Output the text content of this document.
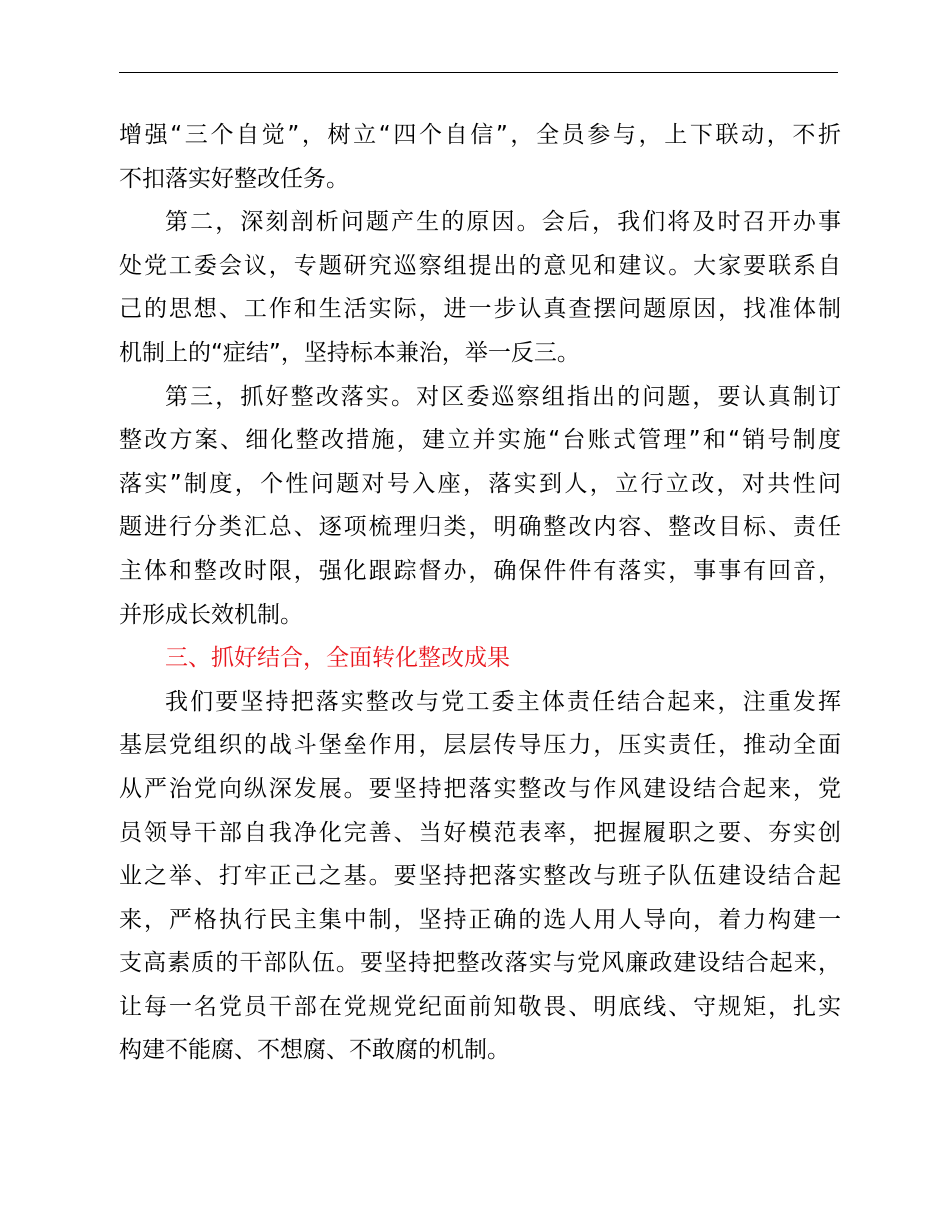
增强“三个自觉”，树立“四个自信”，全员参与，上下联动，不折
不扣落实好整改任务。
第二，深刻剖析问题产生的原因。会后，我们将及时召开办事
处党工委会议，专题研究巡察组提出的意见和建议。大家要联系自
己的思想、工作和生活实际，进一步认真查摆问题原因，找准体制
机制上的“症结”，坚持标本兼治，举一反三。
第三，抓好整改落实。对区委巡察组指出的问题，要认真制订
整改方案、细化整改措施，建立并实施“台账式管理”和“销号制度
落实”制度，个性问题对号入座，落实到人，立行立改，对共性问
题进行分类汇总、逐项梳理归类，明确整改内容、整改目标、责任
主体和整改时限，强化跟踪督办，确保件件有落实，事事有回音，
并形成长效机制。
三、抓好结合，全面转化整改成果
我们要坚持把落实整改与党工委主体责任结合起来，注重发挥
基层党组织的战斗堡垒作用，层层传导压力，压实责任，推动全面
从严治党向纵深发展。要坚持把落实整改与作风建设结合起来，党
员领导干部自我净化完善、当好模范表率，把握履职之要、夯实创
业之举、打牢正己之基。要坚持把落实整改与班子队伍建设结合起
来，严格执行民主集中制，坚持正确的选人用人导向，着力构建一
支高素质的干部队伍。要坚持把整改落实与党风廉政建设结合起来，
让每一名党员干部在党规党纪面前知敬畏、明底线、守规矩，扎实
构建不能腐、不想腐、不敢腐的机制。
